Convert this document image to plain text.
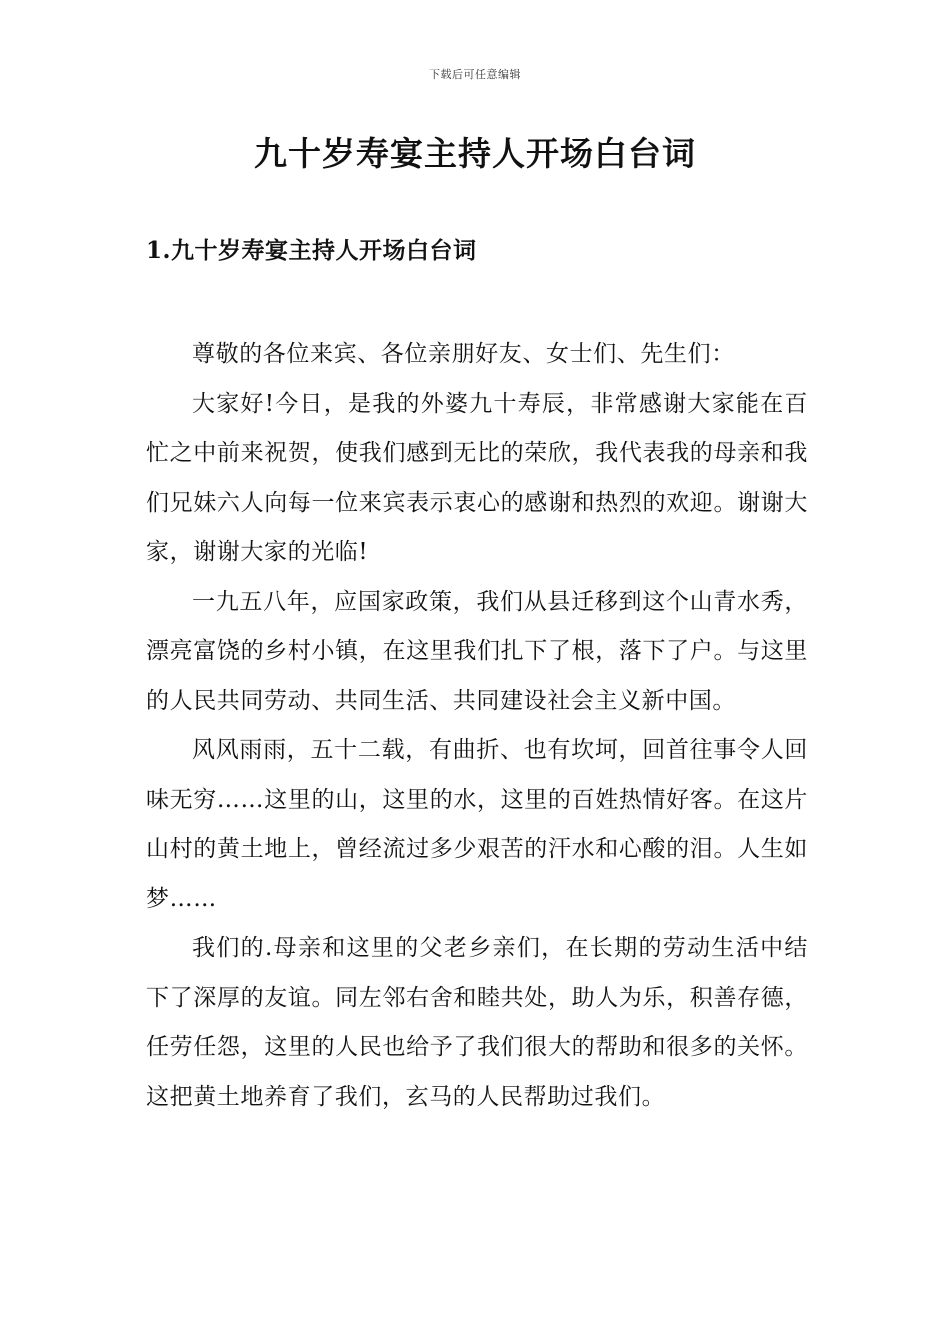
下载后可任意编辑
九十岁寿宴主持人开场白台词
1.九十岁寿宴主持人开场白台词

尊敬的各位来宾、各位亲朋好友、女士们、先生们：

大家好!今日，是我的外婆九十寿辰，非常感谢大家能在百忙之中前来祝贺，使我们感到无比的荣欣，我代表我的母亲和我们兄妹六人向每一位来宾表示衷心的感谢和热烈的欢迎。谢谢大家，谢谢大家的光临!

一九五八年，应国家政策，我们从县迁移到这个山青水秀，漂亮富饶的乡村小镇，在这里我们扎下了根，落下了户。与这里的人民共同劳动、共同生活、共同建设社会主义新中国。

风风雨雨，五十二载，有曲折、也有坎坷，回首往事令人回味无穷……这里的山，这里的水，这里的百姓热情好客。在这片山村的黄土地上，曾经流过多少艰苦的汗水和心酸的泪。人生如梦……

我们的.母亲和这里的父老乡亲们，在长期的劳动生活中结下了深厚的友谊。同左邻右舍和睦共处，助人为乐，积善存德，任劳任怨，这里的人民也给予了我们很大的帮助和很多的关怀。这把黄土地养育了我们，玄马的人民帮助过我们。
